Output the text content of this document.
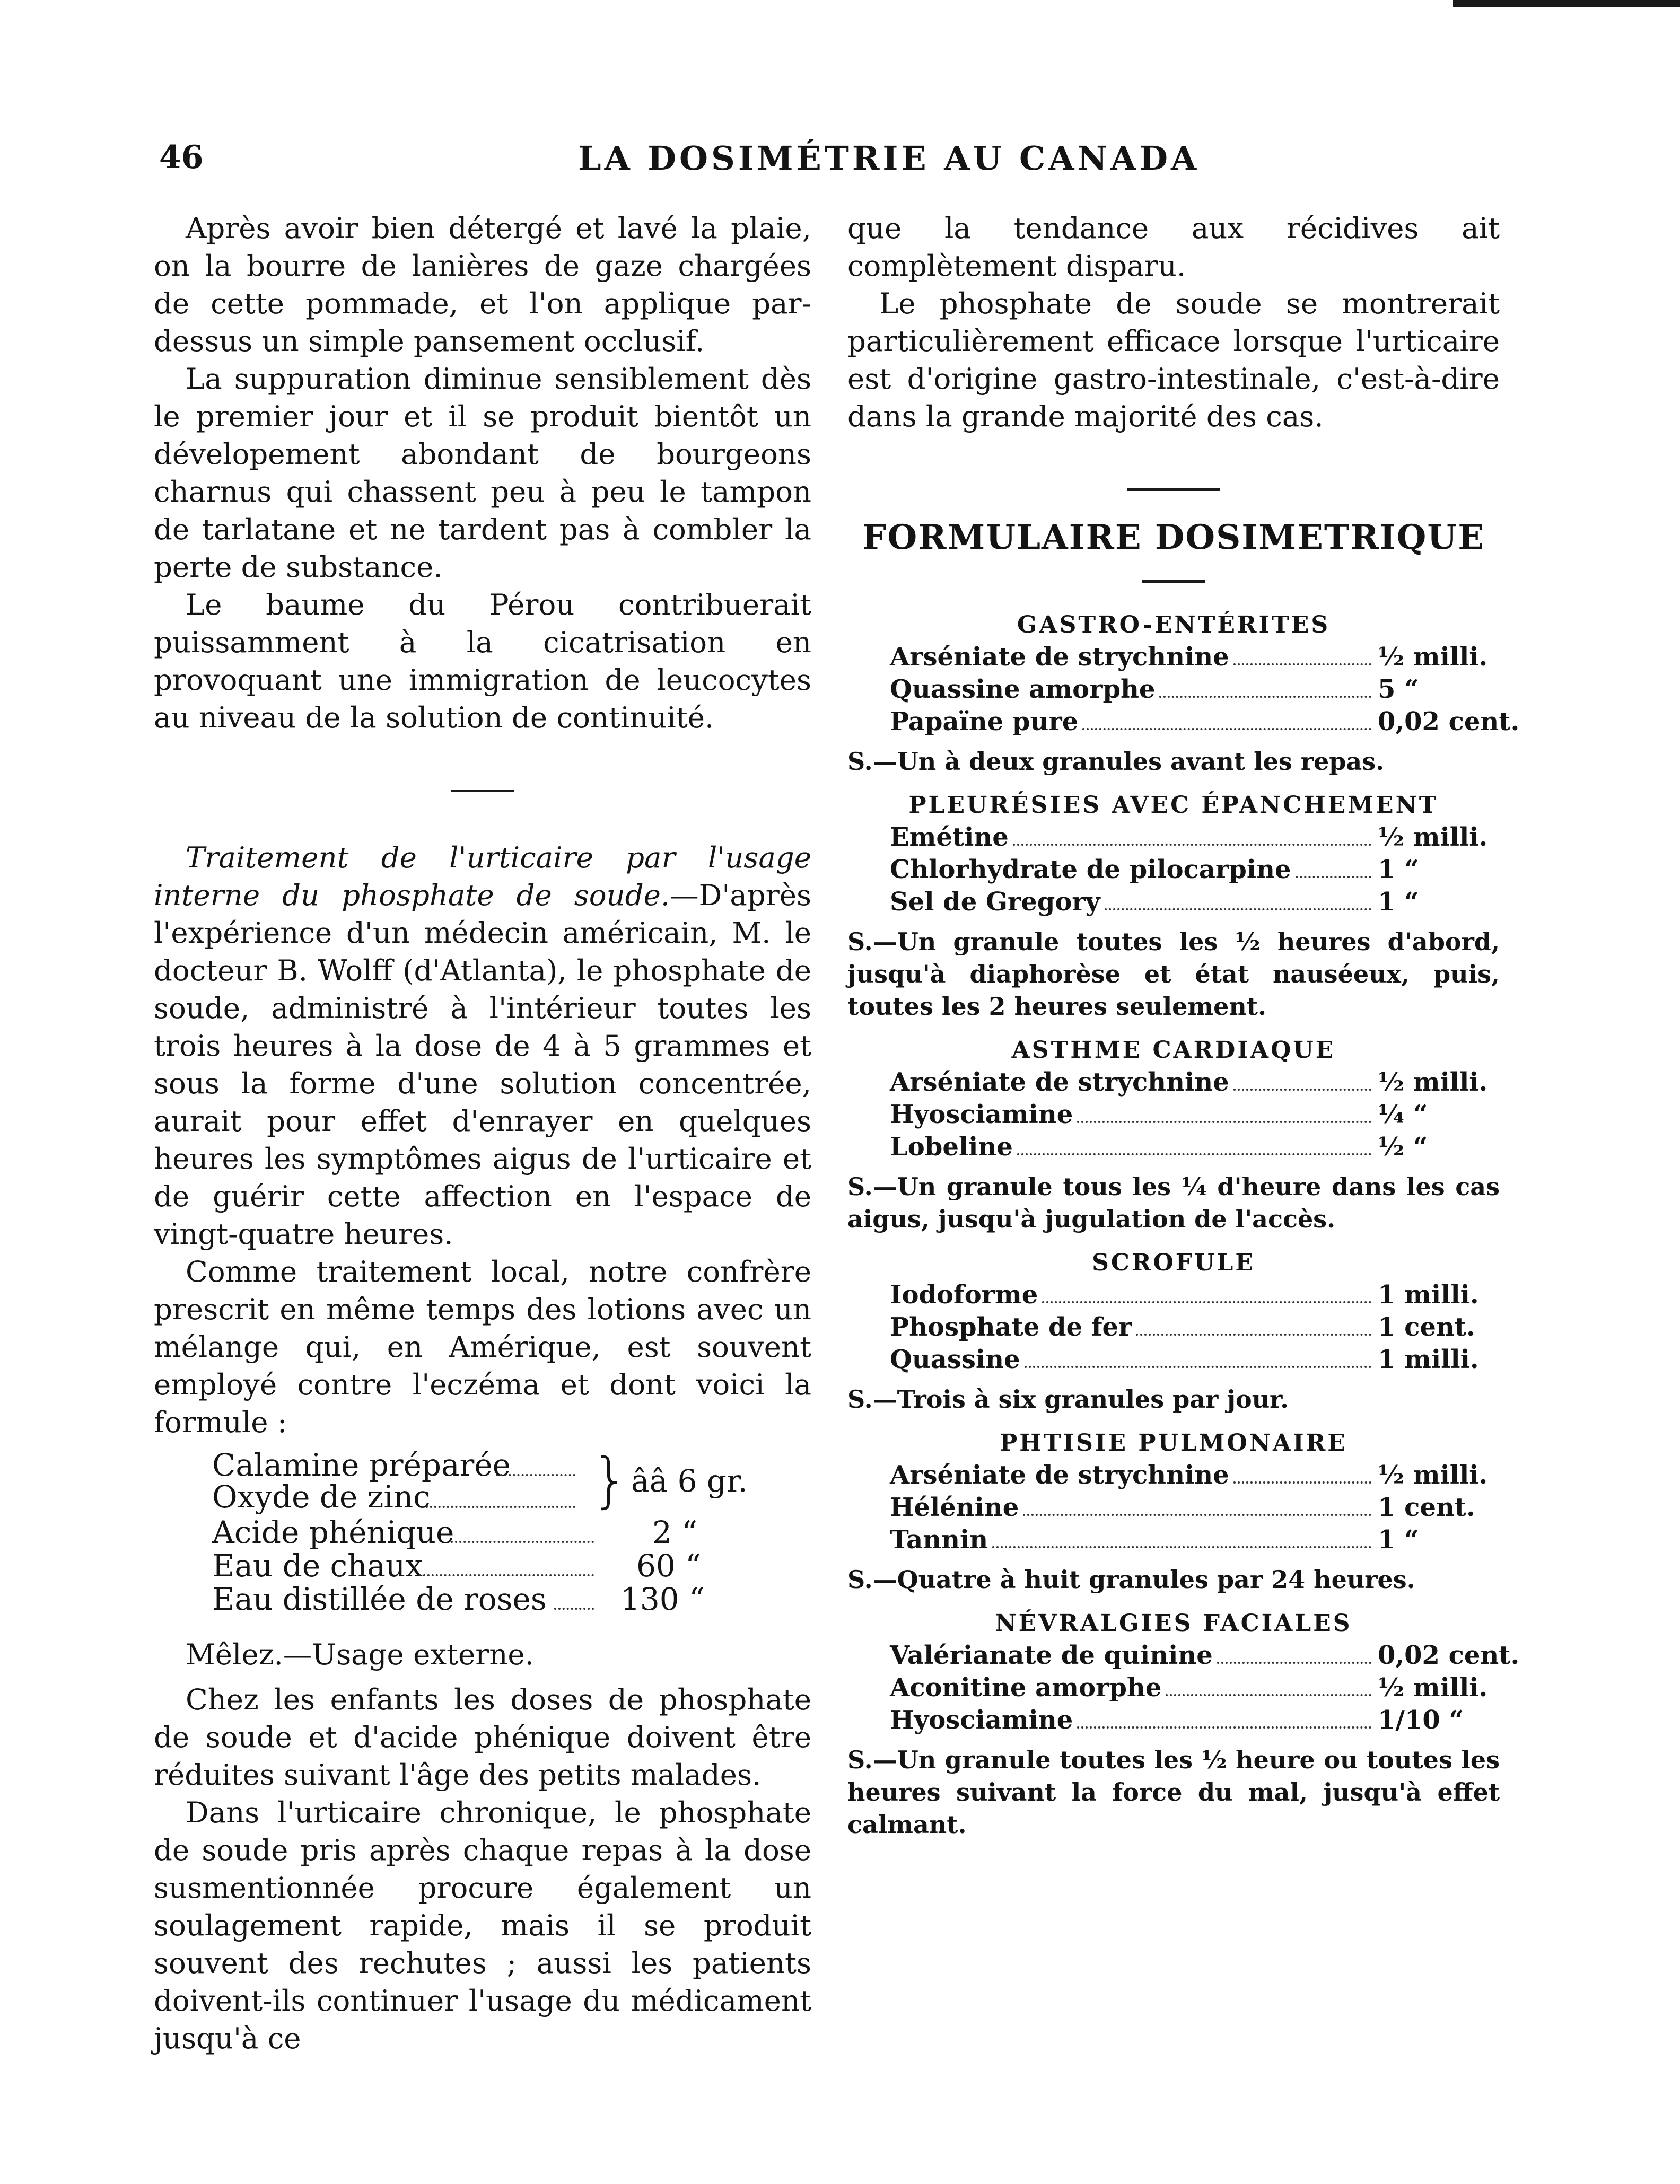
46	LA DOSIMÉTRIE AU CANADA

Après avoir bien détergé et lavé la plaie, on la bourre de lanières de gaze chargées de cette pommade, et l'on applique par-dessus un simple pansement occlusif.

La suppuration diminue sensiblement dès le premier jour et il se produit bientôt un dévelopement abondant de bourgeons charnus qui chassent peu à peu le tampon de tarlatane et ne tardent pas à combler la perte de substance.

Le baume du Pérou contribuerait puissamment à la cicatrisation en provoquant une immigration de leucocytes au niveau de la solution de continuité.

Traitement de l'urticaire par l'usage interne du phosphate de soude.—D'après l'expérience d'un médecin américain, M. le docteur B. Wolff (d'Atlanta), le phosphate de soude, administré à l'intérieur toutes les trois heures à la dose de 4 à 5 grammes et sous la forme d'une solution concentrée, aurait pour effet d'enrayer en quelques heures les symptômes aigus de l'urticaire et de guérir cette affection en l'espace de vingt-quatre heures.

Comme traitement local, notre confrère prescrit en même temps des lotions avec un mélange qui, en Amérique, est souvent employé contre l'eczéma et dont voici la formule :

Calamine préparée
Oxyde de zinc	} ââ 6 gr.
Acide phénique	2 “
Eau de chaux	60 “
Eau distillée de roses 130 “

Mêlez.—Usage externe.

Chez les enfants les doses de phosphate de soude et d'acide phénique doivent être réduites suivant l'âge des petits malades.

Dans l'urticaire chronique, le phosphate de soude pris après chaque repas à la dose susmentionnée procure également un soulagement rapide, mais il se produit souvent des rechutes ; aussi les patients doivent-ils continuer l'usage du médicament jusqu'à ce

que la tendance aux récidives ait complètement disparu.

Le phosphate de soude se montrerait particulièrement efficace lorsque l'urticaire est d'origine gastro-intestinale, c'est-à-dire dans la grande majorité des cas.

FORMULAIRE DOSIMETRIQUE
GASTRO-ENTÉRITES
Arséniate de strychnine	½ milli.
Quassine amorphe	5 “
Papaïne pure	0,02 cent.
S.—Un à deux granules avant les repas.
PLEURÉSIES AVEC ÉPANCHEMENT
Emétine	½ milli.
Chlorhydrate de pilocarpine	1 “
Sel de Gregory	1 “
S.—Un granule toutes les ½ heures d'abord, jusqu'à diaphorèse et état nauséeux, puis, toutes les 2 heures seulement.
ASTHME CARDIAQUE
Arséniate de strychnine	½ milli.
Hyosciamine	¼ “
Lobeline	½ “
S.—Un granule tous les ¼ d'heure dans les cas aigus, jusqu'à jugulation de l'accès.
SCROFULE
Iodoforme	1 milli.
Phosphate de fer	1 cent.
Quassine	1 milli.
S.—Trois à six granules par jour.
PHTISIE PULMONAIRE
Arséniate de strychnine	½ milli.
Hélénine	1 cent.
Tannin	1 “
S.—Quatre à huit granules par 24 heures.
NÉVRALGIES FACIALES
Valérianate de quinine	0,02 cent.
Aconitine amorphe	½ milli.
Hyosciamine	1/10 “
S.—Un granule toutes les ½ heure ou toutes les heures suivant la force du mal, jusqu'à effet calmant.
